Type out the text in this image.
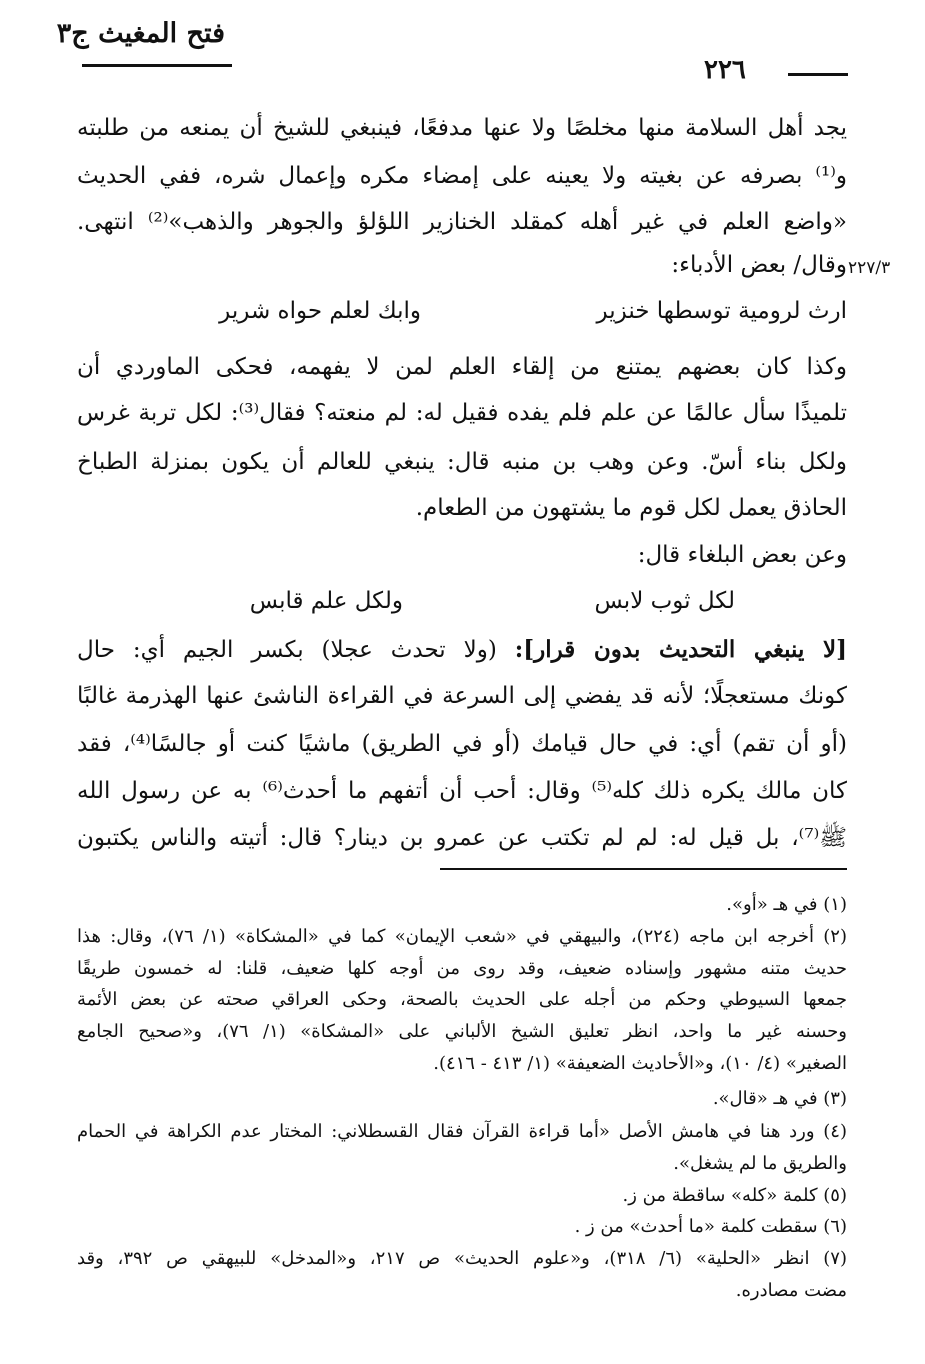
فتح المغيث ج٣
٢٢٦
٢٢٧/٣
يجد أهل السلامة منها مخلصًا ولا عنها مدفعًا، فينبغي للشيخ أن يمنعه من طلبته
و⁽¹⁾ بصرفه عن بغيته ولا يعينه على إمضاء مكره وإعمال شره، ففي الحديث
«واضع العلم في غير أهله كمقلد الخنازير اللؤلؤ والجوهر والذهب»⁽²⁾ انتهى.
وقال/ بعض الأدباء:
ارث لرومية توسطها خنزير
وابك لعلم حواه شرير
وكذا كان بعضهم يمتنع من إلقاء العلم لمن لا يفهمه، فحكى الماوردي أن
تلميذًا سأل عالمًا عن علم فلم يفده فقيل له: لم منعته؟ فقال⁽³⁾: لكل تربة غرس
ولكل بناء أسّ. وعن وهب بن منبه قال: ينبغي للعالم أن يكون بمنزلة الطباخ
الحاذق يعمل لكل قوم ما يشتهون من الطعام.
وعن بعض البلغاء قال:
لكل ثوب لابس
ولكل علم قابس
[لا ينبغي التحديث بدون قرار]: (ولا تحدث عجلا) بكسر الجيم أي: حال
كونك مستعجلًا؛ لأنه قد يفضي إلى السرعة في القراءة الناشئ عنها الهذرمة غالبًا
(أو أن تقم) أي: في حال قيامك (أو في الطريق) ماشيًا كنت أو جالسًا⁽⁴⁾، فقد
كان مالك يكره ذلك كله⁽⁵⁾ وقال: أحب أن أتفهم ما أحدث⁽⁶⁾ به عن رسول الله
ﷺ⁽⁷⁾، بل قيل له: لم لم تكتب عن عمرو بن دينار؟ قال: أتيته والناس يكتبون
(١) في هـ «أو».
(٢) أخرجه ابن ماجه (٢٢٤)، والبيهقي في «شعب الإيمان» كما في «المشكاة» (١/ ٧٦)، وقال: هذا
حديث متنه مشهور وإسناده ضعيف، وقد روى من أوجه كلها ضعيف، قلنا: له خمسون طريقًا
جمعها السيوطي وحكم من أجله على الحديث بالصحة، وحكى العراقي صحته عن بعض الأئمة
وحسنه غير ما واحد، انظر تعليق الشيخ الألباني على «المشكاة» (١/ ٧٦)، و«صحيح الجامع
الصغير» (٤/ ١٠)، و«الأحاديث الضعيفة» (١/ ٤١٣ - ٤١٦).
(٣) في هـ «قال».
(٤) ورد هنا في هامش الأصل «أما قراءة القرآن فقال القسطلاني: المختار عدم الكراهة في الحمام
والطريق ما لم يشغل».
(٥) كلمة «كله» ساقطة من ز.
(٦) سقطت كلمة «ما أحدث» من ز .
(٧) انظر «الحلية» (٦/ ٣١٨)، و«علوم الحديث» ص ٢١٧، و«المدخل» للبيهقي ص ٣٩٢، وقد
مضت مصادره.
